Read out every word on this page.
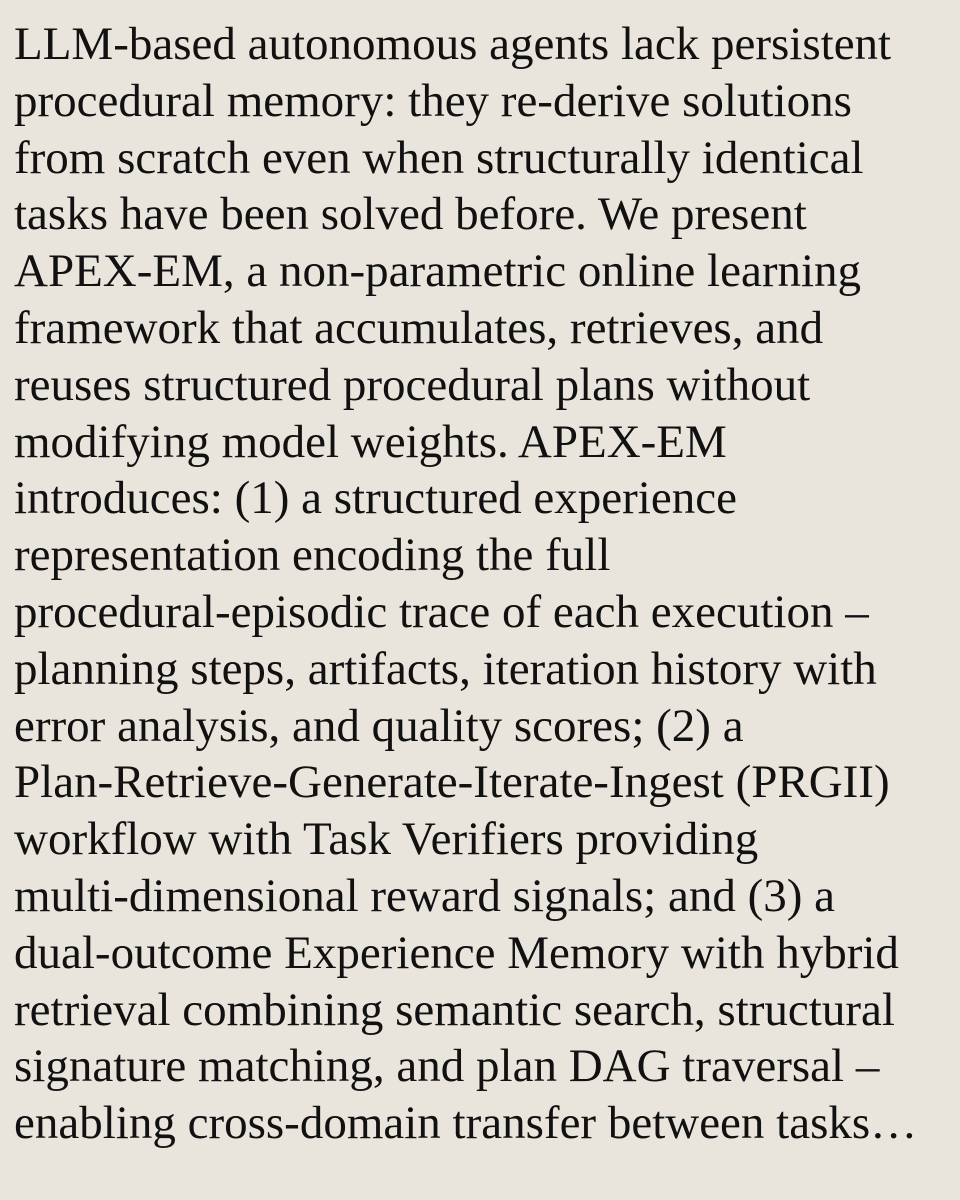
LLM-based autonomous agents lack persistent
procedural memory: they re-derive solutions
from scratch even when structurally identical
tasks have been solved before. We present
APEX-EM, a non-parametric online learning
framework that accumulates, retrieves, and
reuses structured procedural plans without
modifying model weights. APEX-EM
introduces: (1) a structured experience
representation encoding the full
procedural-episodic trace of each execution –
planning steps, artifacts, iteration history with
error analysis, and quality scores; (2) a
Plan-Retrieve-Generate-Iterate-Ingest (PRGII)
workflow with Task Verifiers providing
multi-dimensional reward signals; and (3) a
dual-outcome Experience Memory with hybrid
retrieval combining semantic search, structural
signature matching, and plan DAG traversal –
enabling cross-domain transfer between tasks…
